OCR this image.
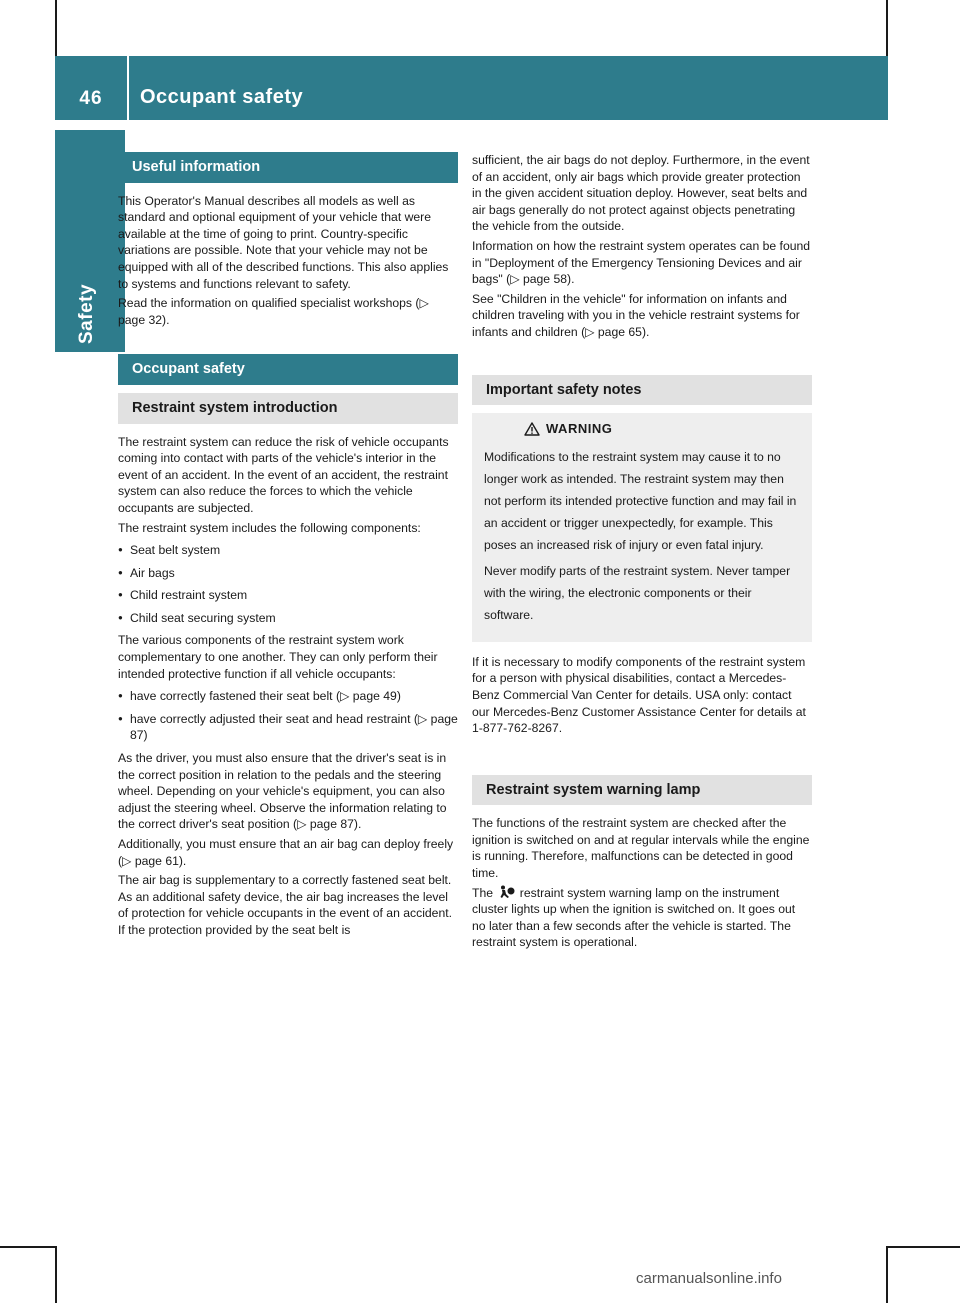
46	Occupant safety
Safety
Useful information

This Operator's Manual describes all models as well as standard and optional equipment of your vehicle that were available at the time of going to print. Country-specific variations are possible. Note that your vehicle may not be equipped with all of the described functions. This also applies to systems and functions relevant to safety.

Read the information on qualified specialist workshops (▷ page 32).

Occupant safety
Restraint system introduction

The restraint system can reduce the risk of vehicle occupants coming into contact with parts of the vehicle's interior in the event of an accident. In the event of an accident, the restraint system can also reduce the forces to which the vehicle occupants are subjected.

The restraint system includes the following components:

● Seat belt system
● Air bags
● Child restraint system
● Child seat securing system

The various components of the restraint system work complementary to one another. They can only perform their intended protective function if all vehicle occupants:

● have correctly fastened their seat belt (▷ page 49)
● have correctly adjusted their seat and head restraint (▷ page 87)

As the driver, you must also ensure that the driver's seat is in the correct position in relation to the pedals and the steering wheel. Depending on your vehicle's equipment, you can also adjust the steering wheel. Observe the information relating to the correct driver's seat position (▷ page 87).

Additionally, you must ensure that an air bag can deploy freely (▷ page 61).

The air bag is supplementary to a correctly fastened seat belt. As an additional safety device, the air bag increases the level of protection for vehicle occupants in the event of an accident. If the protection provided by the seat belt is

sufficient, the air bags do not deploy. Furthermore, in the event of an accident, only air bags which provide greater protection in the given accident situation deploy. However, seat belts and air bags generally do not protect against objects penetrating the vehicle from the outside.

Information on how the restraint system operates can be found in "Deployment of the Emergency Tensioning Devices and air bags" (▷ page 58).

See "Children in the vehicle" for information on infants and children traveling with you in the vehicle restraint systems for infants and children (▷ page 65).

Important safety notes
WARNING

Modifications to the restraint system may cause it to no longer work as intended. The restraint system may then not perform its intended protective function and may fail in an accident or trigger unexpectedly, for example. This poses an increased risk of injury or even fatal injury.

Never modify parts of the restraint system. Never tamper with the wiring, the electronic components or their software.

If it is necessary to modify components of the restraint system for a person with physical disabilities, contact a Mercedes-Benz Commercial Van Center for details. USA only: contact our Mercedes-Benz Customer Assistance Center for details at 1-877-762-8267.

Restraint system warning lamp

The functions of the restraint system are checked after the ignition is switched on and at regular intervals while the engine is running. Therefore, malfunctions can be detected in good time.

The  restraint system warning lamp on the instrument cluster lights up when the ignition is switched on. It goes out no later than a few seconds after the vehicle is started. The restraint system is operational.

carmanualsonline.info
